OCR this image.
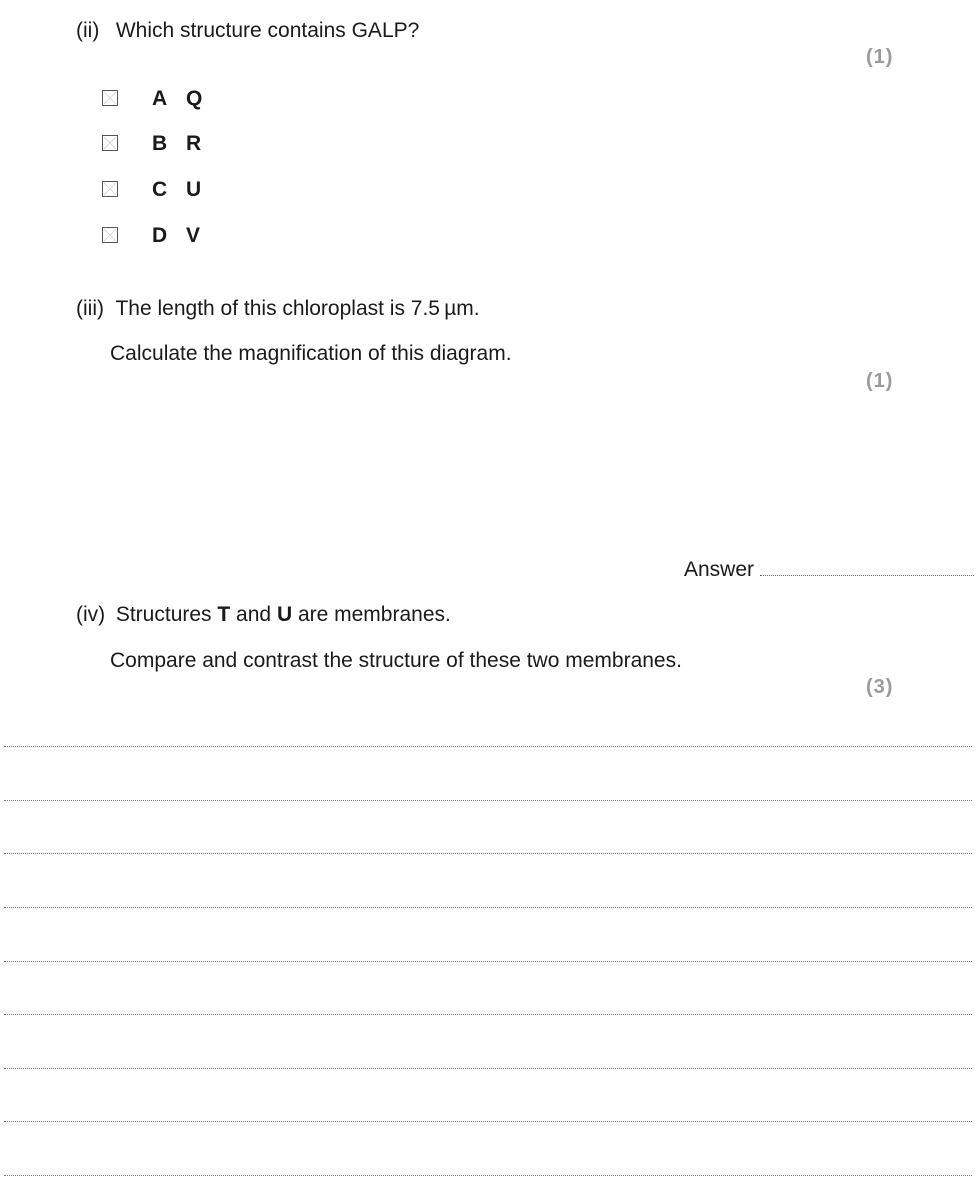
(ii) Which structure contains GALP?
(1)
A Q
B R
C U
D V
(iii) The length of this chloroplast is 7.5 µm.
Calculate the magnification of this diagram.
(1)
Answer
(iv) Structures T and U are membranes.
Compare and contrast the structure of these two membranes.
(3)
